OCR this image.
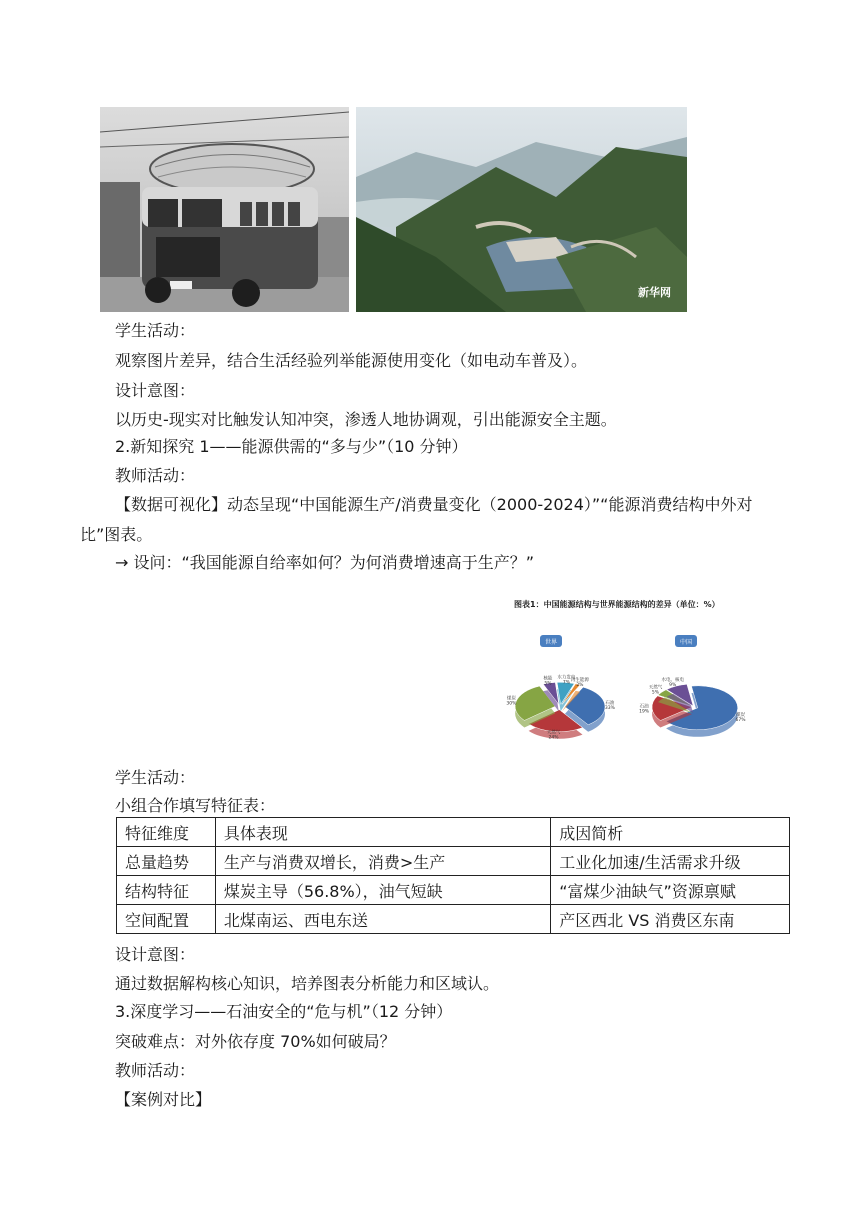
新华网
学生活动：
观察图片差异，结合生活经验列举能源使用变化（如电动车普及）。
设计意图：
以历史-现实对比触发认知冲突，渗透人地协调观，引出能源安全主题。
2.新知探究 1——能源供需的“多与少”（10 分钟）
教师活动：
【数据可视化】动态呈现“中国能源生产/消费量变化（2000-2024）”“能源消费结构中外对比”图表。
→ 设问：“我国能源自给率如何？为何消费增速高于生产？”
图表1：中国能源结构与世界能源结构的差异（单位：%）
世界
石油
33%
天然气
24%
煤炭
30%
核能
5%
水力发电
7%
再生能源
2%
中国
煤炭
67%
石油
19%
天然气
5%
水电、核电
9%
学生活动：
小组合作填写特征表：
特征维度	具体表现	成因简析
总量趋势	生产与消费双增长，消费>生产	工业化加速/生活需求升级
结构特征	煤炭主导（56.8%），油气短缺	“富煤少油缺气”资源禀赋
空间配置	北煤南运、西电东送	产区西北 VS 消费区东南
设计意图：
通过数据解构核心知识，培养图表分析能力和区域认。
3.深度学习——石油安全的“危与机”（12 分钟）
突破难点：对外依存度 70%如何破局？
教师活动：
【案例对比】
